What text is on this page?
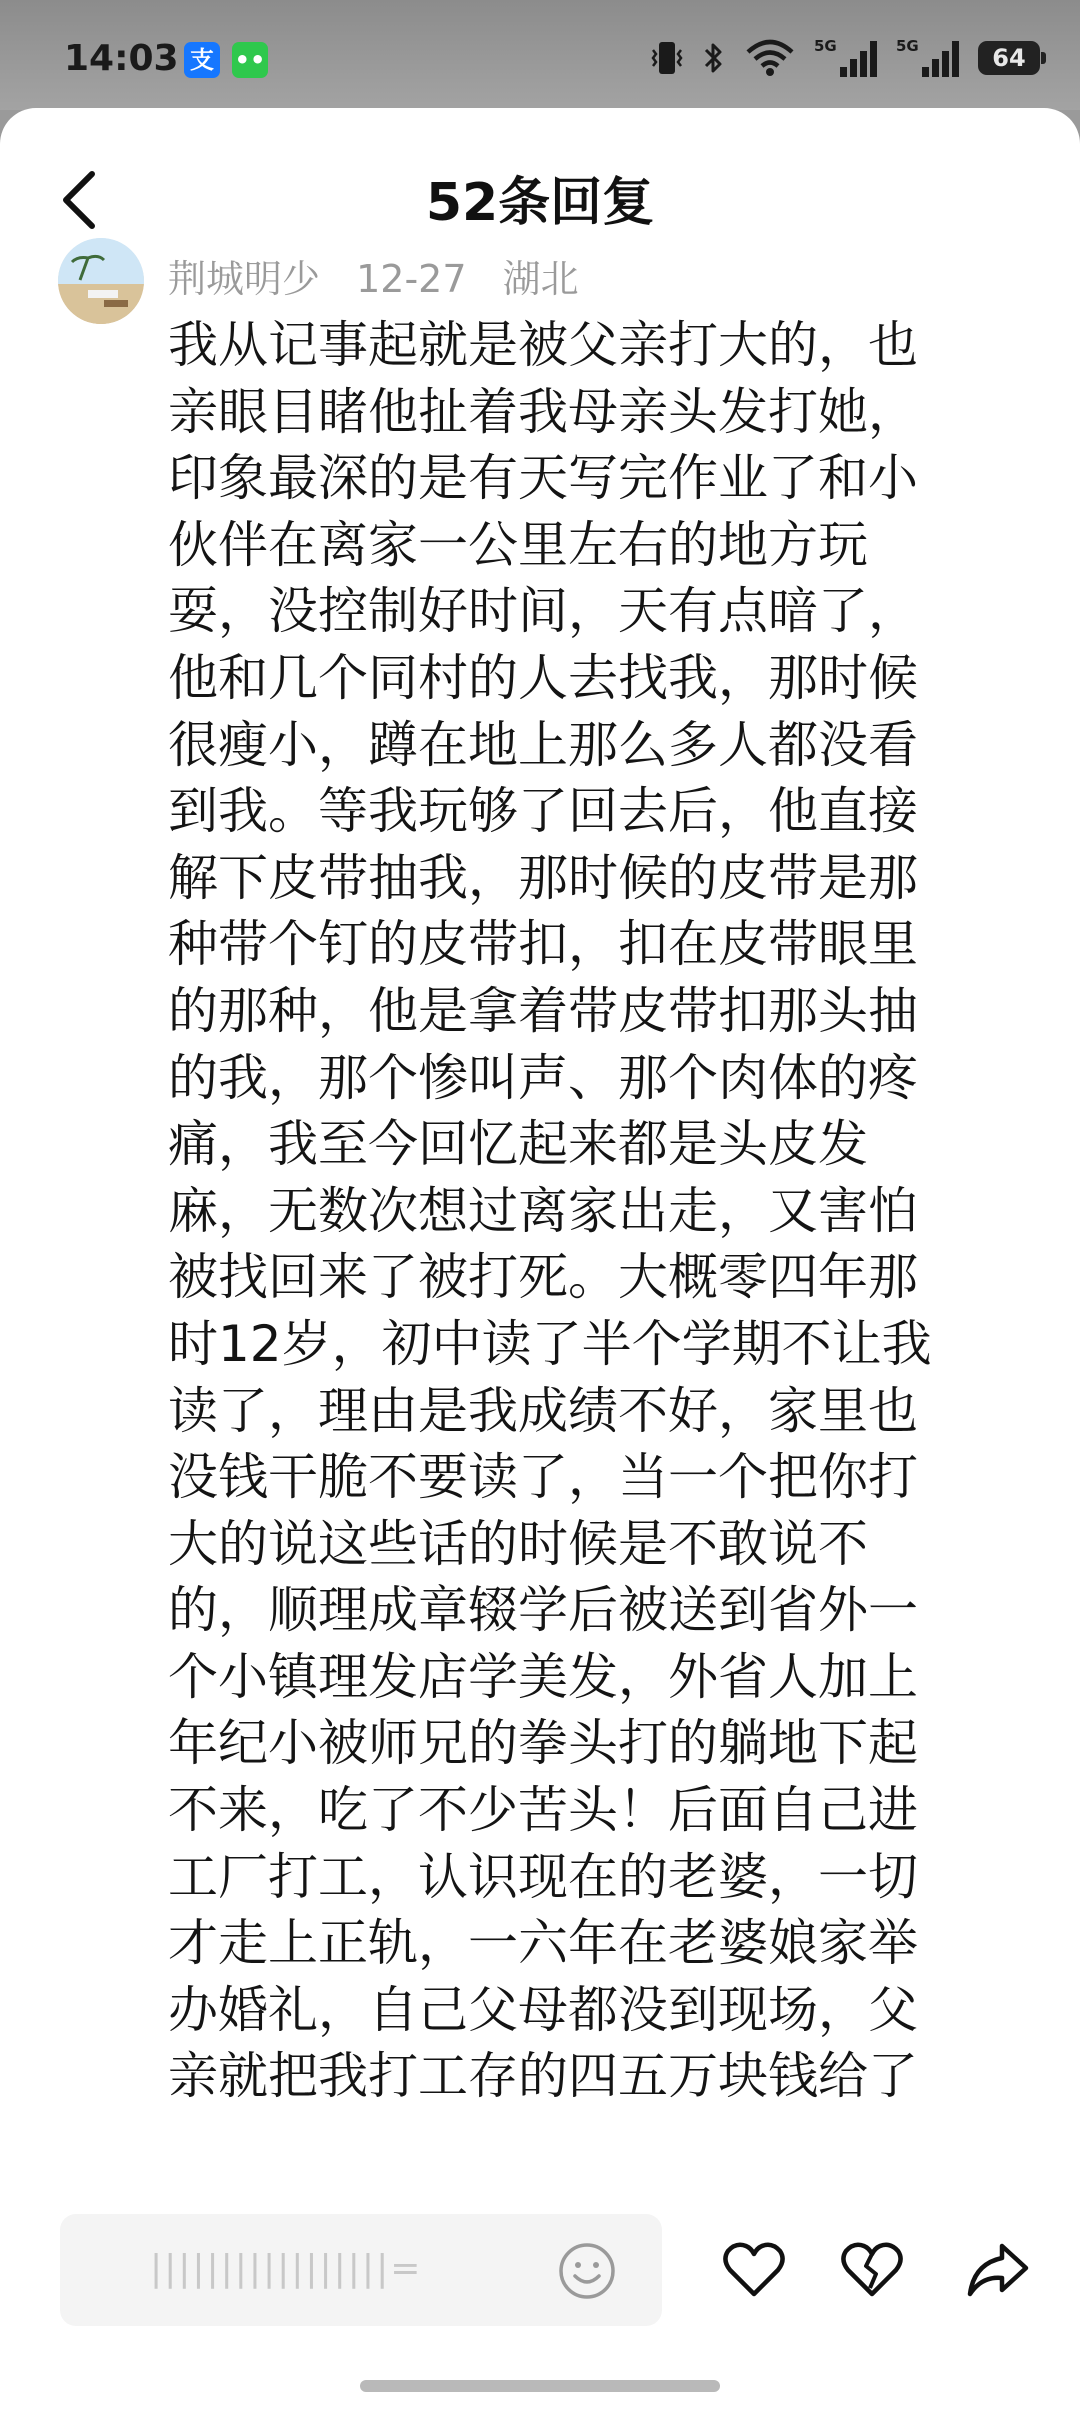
14:03 支 ••	5G	5G	64
52条回复
荆城明少 12-27 湖北
我从记事起就是被父亲打大的，也
亲眼目睹他扯着我母亲头发打她，
印象最深的是有天写完作业了和小
伙伴在离家一公里左右的地方玩
耍，没控制好时间，天有点暗了，
他和几个同村的人去找我，那时候
很瘦小，蹲在地上那么多人都没看
到我。等我玩够了回去后，他直接
解下皮带抽我，那时候的皮带是那
种带个钉的皮带扣，扣在皮带眼里
的那种，他是拿着带皮带扣那头抽
的我，那个惨叫声、那个肉体的疼
痛，我至今回忆起来都是头皮发
麻，无数次想过离家出走，又害怕
被找回来了被打死。大概零四年那
时12岁，初中读了半个学期不让我
读了，理由是我成绩不好，家里也
没钱干脆不要读了，当一个把你打
大的说这些话的时候是不敢说不
的，顺理成章辍学后被送到省外一
个小镇理发店学美发，外省人加上
年纪小被师兄的拳头打的躺地下起
不来，吃了不少苦头！后面自己进
工厂打工，认识现在的老婆，一切
才走上正轨，一六年在老婆娘家举
办婚礼，自己父母都没到现场，父
亲就把我打工存的四五万块钱给了
|||||||||||||||||=
